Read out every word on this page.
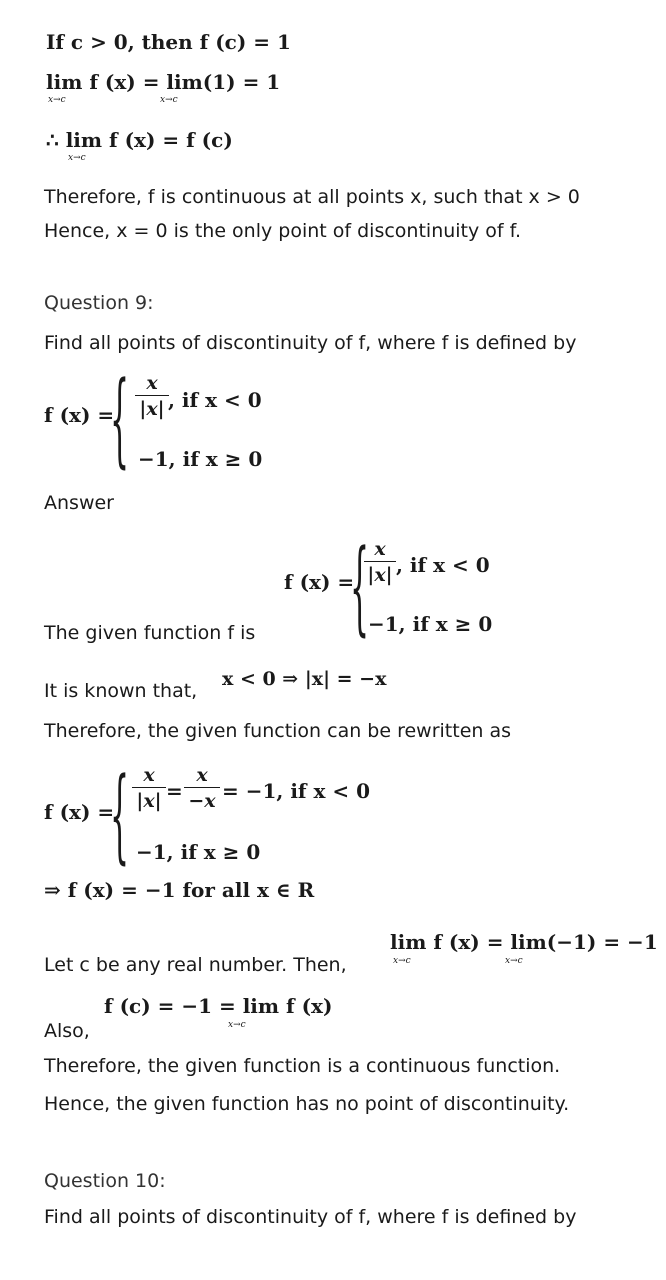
If c > 0, then f (c) = 1
lim f (x) = lim(1) = 1
x→c	x→c
∴ lim f (x) = f (c)
x→c
Therefore, f is continuous at all points x, such that x > 0
Hence, x = 0 is the only point of discontinuity of f.
Question 9:
Find all points of discontinuity of f, where f is defined by
f (x) =
{ x
|x| , if x < 0
−1, if x ≥ 0
Answer
f (x) =
{ x
|x| , if x < 0
−1, if x ≥ 0
The given function f is
It is known that,
x < 0 ⇒ |x| = −x
Therefore, the given function can be rewritten as
f (x) =
{ x
|x| =
x
−x = −1, if x < 0
−1, if x ≥ 0
⇒ f (x) = −1 for all x ∈ R
lim f (x) = lim(−1) = −1
x→c	x→c
Let c be any real number. Then,
f (c) = −1 = lim f (x)
x→c
Also,
Therefore, the given function is a continuous function.
Hence, the given function has no point of discontinuity.
Question 10:
Find all points of discontinuity of f, where f is defined by
